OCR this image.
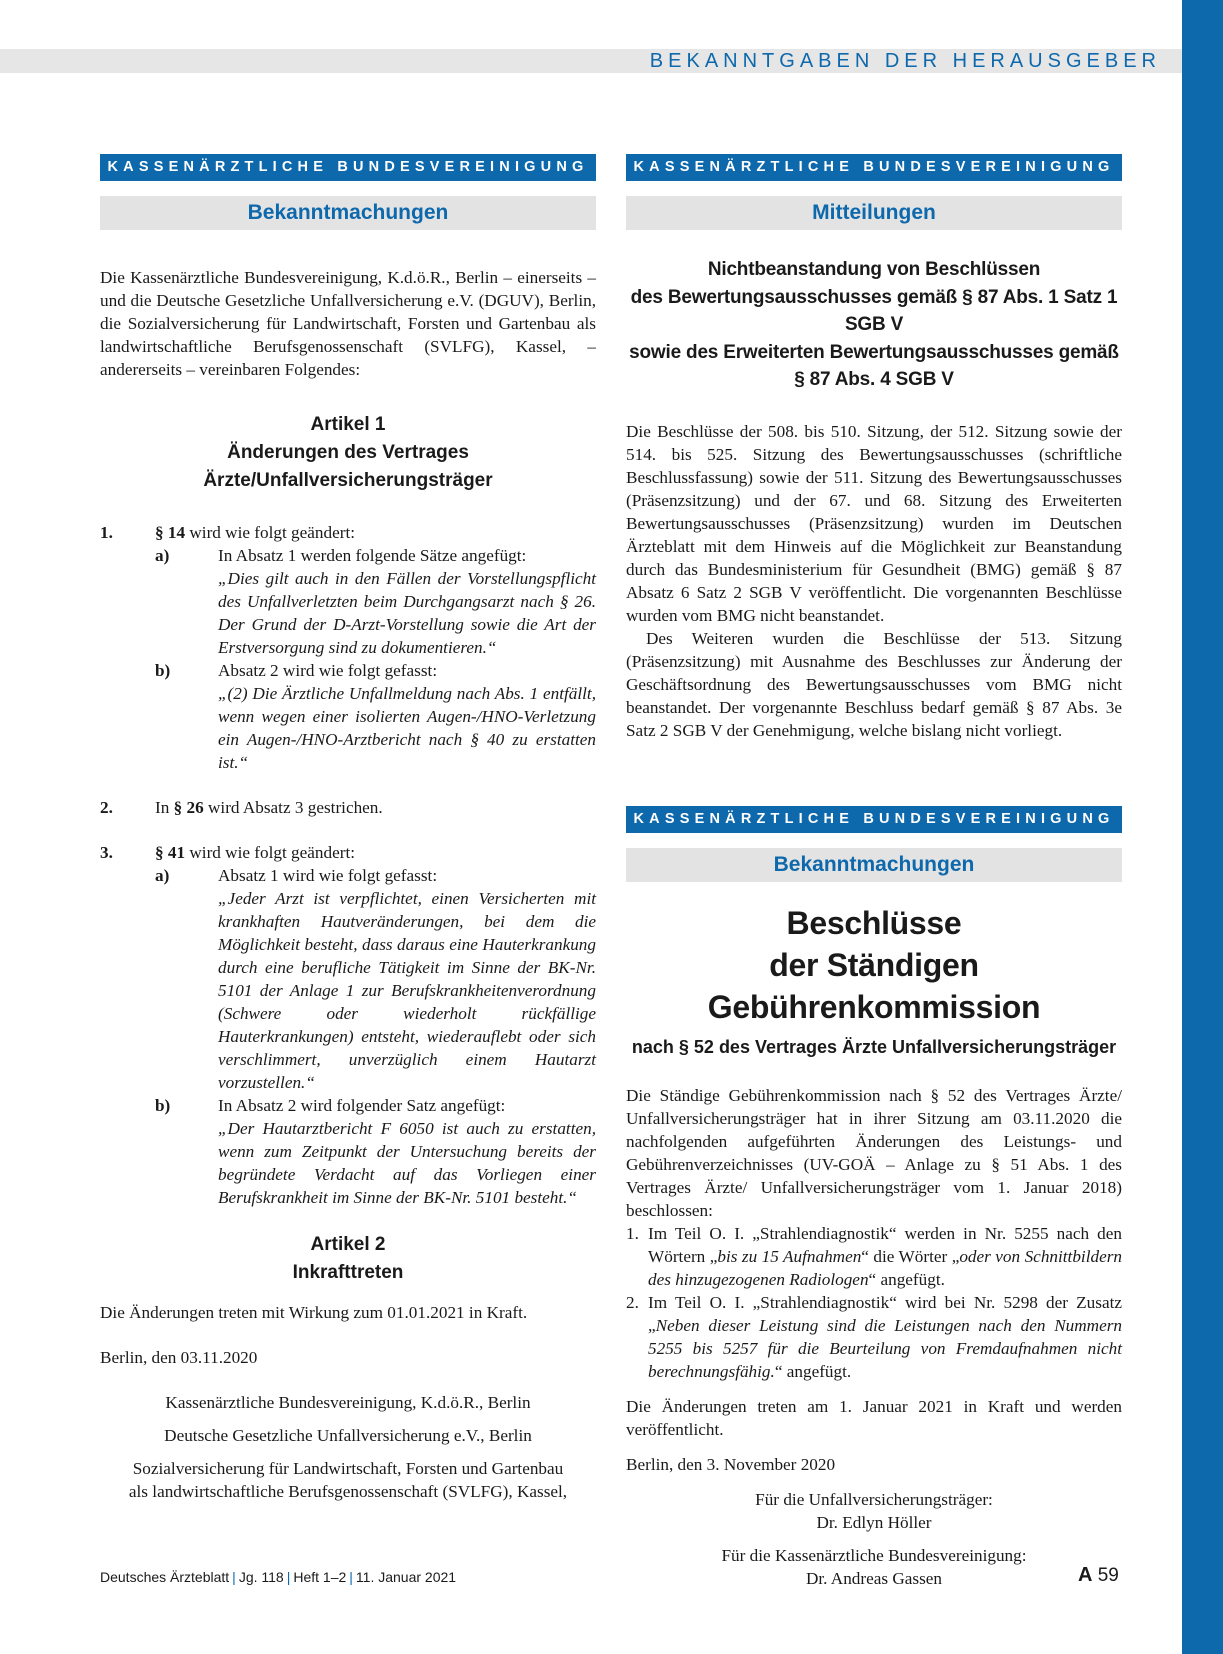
BEKANNTGABEN DER HERAUSGEBER
KASSENÄRZTLICHE BUNDESVEREINIGUNG
Bekanntmachungen

Die Kassenärztliche Bundesvereinigung, K.d.ö.R., Berlin – einerseits – und die Deutsche Gesetzliche Unfallversicherung e.V. (DGUV), Berlin, die Sozialversicherung für Landwirtschaft, Forsten und Gartenbau als landwirtschaftliche Berufsgenossenschaft (SVLFG), Kassel, – andererseits – vereinbaren Folgendes:

Artikel 1
Änderungen des Vertrages
Ärzte/Unfallversicherungsträger
1. § 14 wird wie folgt geändert:
a)	In Absatz 1 werden folgende Sätze angefügt:
„Dies gilt auch in den Fällen der Vorstellungspflicht des Unfallverletzten beim Durchgangsarzt nach § 26. Der Grund der D-Arzt-Vorstellung sowie die Art der Erstversorgung sind zu dokumentieren.“
b)	Absatz 2 wird wie folgt gefasst:
„(2) Die Ärztliche Unfallmeldung nach Abs. 1 entfällt, wenn wegen einer isolierten Augen-/HNO-Verletzung ein Augen-/HNO-Arztbericht nach § 40 zu erstatten ist.“
2. In § 26 wird Absatz 3 gestrichen.
3. § 41 wird wie folgt geändert:
a)	Absatz 1 wird wie folgt gefasst:
„Jeder Arzt ist verpflichtet, einen Versicherten mit krankhaften Hautveränderungen, bei dem die Möglichkeit besteht, dass daraus eine Hauterkrankung durch eine berufliche Tätigkeit im Sinne der BK-Nr. 5101 der Anlage 1 zur Berufskrankheitenverordnung (Schwere oder wiederholt rückfällige Hauterkrankungen) entsteht, wiederauflebt oder sich verschlimmert, unverzüglich einem Hautarzt vorzustellen.“
b)	In Absatz 2 wird folgender Satz angefügt:
„Der Hautarztbericht F 6050 ist auch zu erstatten, wenn zum Zeitpunkt der Untersuchung bereits der begründete Verdacht auf das Vorliegen einer Berufskrankheit im Sinne der BK-Nr. 5101 besteht.“
Artikel 2
Inkrafttreten

Die Änderungen treten mit Wirkung zum 01.01.2021 in Kraft.

Berlin, den 03.11.2020

Kassenärztliche Bundesvereinigung, K.d.ö.R., Berlin

Deutsche Gesetzliche Unfallversicherung e.V., Berlin

Sozialversicherung für Landwirtschaft, Forsten und Gartenbau
als landwirtschaftliche Berufsgenossenschaft (SVLFG), Kassel,

KASSENÄRZTLICHE BUNDESVEREINIGUNG
Mitteilungen
Nichtbeanstandung von Beschlüssen
des Bewertungsausschusses gemäß § 87 Abs. 1 Satz 1 SGB V
sowie des Erweiterten Bewertungsausschusses gemäß
§ 87 Abs. 4 SGB V

Die Beschlüsse der 508. bis 510. Sitzung, der 512. Sitzung sowie der 514. bis 525. Sitzung des Bewertungsausschusses (schriftliche Beschlussfassung) sowie der 511. Sitzung des Bewertungsausschusses (Präsenzsitzung) und der 67. und 68. Sitzung des Erweiterten Bewertungsausschusses (Präsenzsitzung) wurden im Deutschen Ärzteblatt mit dem Hinweis auf die Möglichkeit zur Beanstandung durch das Bundesministerium für Gesundheit (BMG) gemäß § 87 Absatz 6 Satz 2 SGB V veröffentlicht. Die vorgenannten Beschlüsse wurden vom BMG nicht beanstandet.

Des Weiteren wurden die Beschlüsse der 513. Sitzung (Präsenzsitzung) mit Ausnahme des Beschlusses zur Änderung der Geschäftsordnung des Bewertungsausschusses vom BMG nicht beanstandet. Der vorgenannte Beschluss bedarf gemäß § 87 Abs. 3e Satz 2 SGB V der Genehmigung, welche bislang nicht vorliegt.

KASSENÄRZTLICHE BUNDESVEREINIGUNG
Bekanntmachungen
Beschlüsse
der Ständigen Gebührenkommission
nach § 52 des Vertrages Ärzte Unfallversicherungsträger

Die Ständige Gebührenkommission nach § 52 des Vertrages Ärzte/ Unfallversicherungsträger hat in ihrer Sitzung am 03.11.2020 die nachfolgenden aufgeführten Änderungen des Leistungs- und Gebührenverzeichnisses (UV-GOÄ – Anlage zu § 51 Abs. 1 des Vertrages Ärzte/ Unfallversicherungsträger vom 1. Januar 2018) beschlossen:

1. Im Teil O. I. „Strahlendiagnostik“ werden in Nr. 5255 nach den Wörtern „bis zu 15 Aufnahmen“ die Wörter „oder von Schnittbildern des hinzugezogenen Radiologen“ angefügt.
2. Im Teil O. I. „Strahlendiagnostik“ wird bei Nr. 5298 der Zusatz „Neben dieser Leistung sind die Leistungen nach den Nummern 5255 bis 5257 für die Beurteilung von Fremdaufnahmen nicht berechnungsfähig.“ angefügt.

Die Änderungen treten am 1. Januar 2021 in Kraft und werden veröffentlicht.

Berlin, den 3. November 2020

Für die Unfallversicherungsträger:
Dr. Edlyn Höller

Für die Kassenärztliche Bundesvereinigung:
Dr. Andreas Gassen

Deutsches Ärzteblatt | Jg. 118 | Heft 1–2 | 11. Januar 2021	A 59
